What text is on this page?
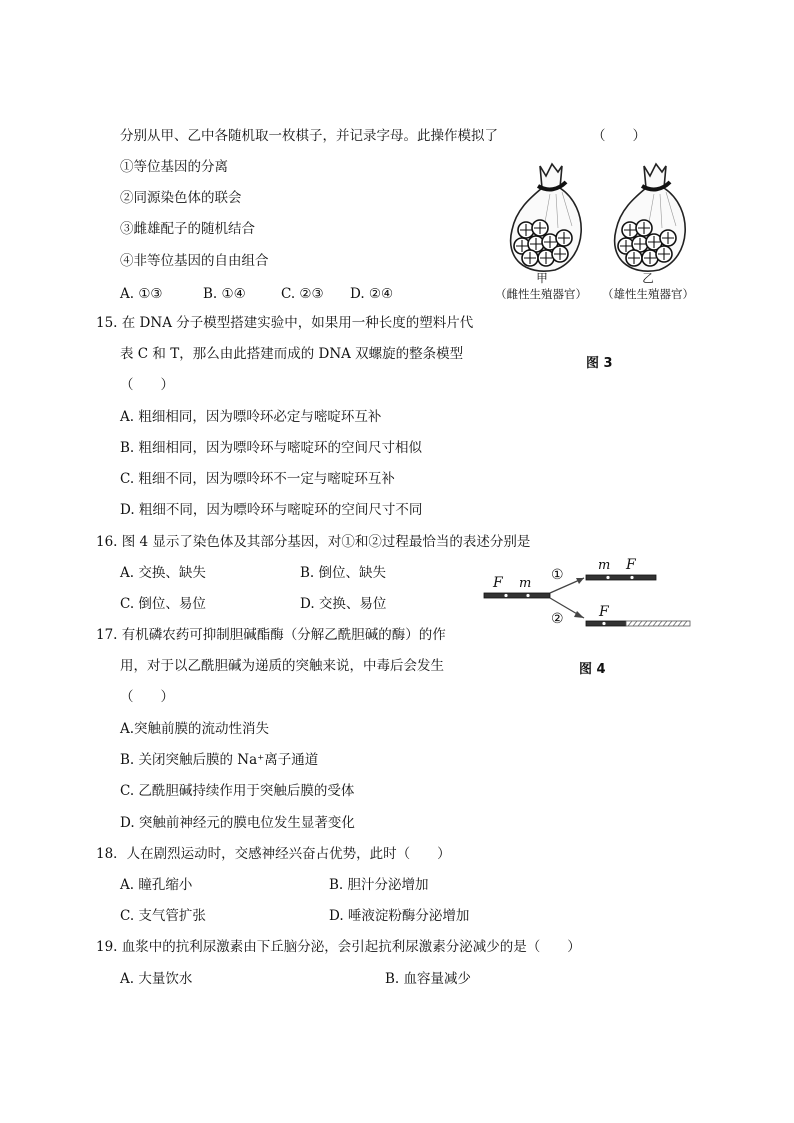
分别从甲、乙中各随机取一枚棋子，并记录字母。此操作模拟了	（　　）
①等位基因的分离
②同源染色体的联会
③雌雄配子的随机结合
④非等位基因的自由组合
A. ①③	B. ①④	C. ②③ D. ②④
甲
（雌性生殖器官）
乙
（雄性生殖器官）
图 3
15. 在 DNA 分子模型搭建实验中，如果用一种长度的塑料片代
表 C 和 T，那么由此搭建而成的 DNA 双螺旋的整条模型
（　　）
A. 粗细相同，因为嘌呤环必定与嘧啶环互补
B. 粗细相同，因为嘌呤环与嘧啶环的空间尺寸相似
C. 粗细不同，因为嘌呤环不一定与嘧啶环互补
D. 粗细不同，因为嘌呤环与嘧啶环的空间尺寸不同
16. 图 4 显示了染色体及其部分基因，对①和②过程最恰当的表述分别是
A. 交换、缺失	B. 倒位、缺失
C. 倒位、易位	D. 交换、易位
F m
①
②
m F
F
图 4
17. 有机磷农药可抑制胆碱酯酶（分解乙酰胆碱的酶）的作
用，对于以乙酰胆碱为递质的突触来说，中毒后会发生
（　　）
A.突触前膜的流动性消失
B. 关闭突触后膜的 Na⁺离子通道
C. 乙酰胆碱持续作用于突触后膜的受体
D. 突触前神经元的膜电位发生显著变化
18．人在剧烈运动时，交感神经兴奋占优势，此时（　　）
A. 瞳孔缩小	B. 胆汁分泌增加
C. 支气管扩张	D. 唾液淀粉酶分泌增加
19. 血浆中的抗利尿激素由下丘脑分泌，会引起抗利尿激素分泌减少的是（　　）
A. 大量饮水	B. 血容量减少
